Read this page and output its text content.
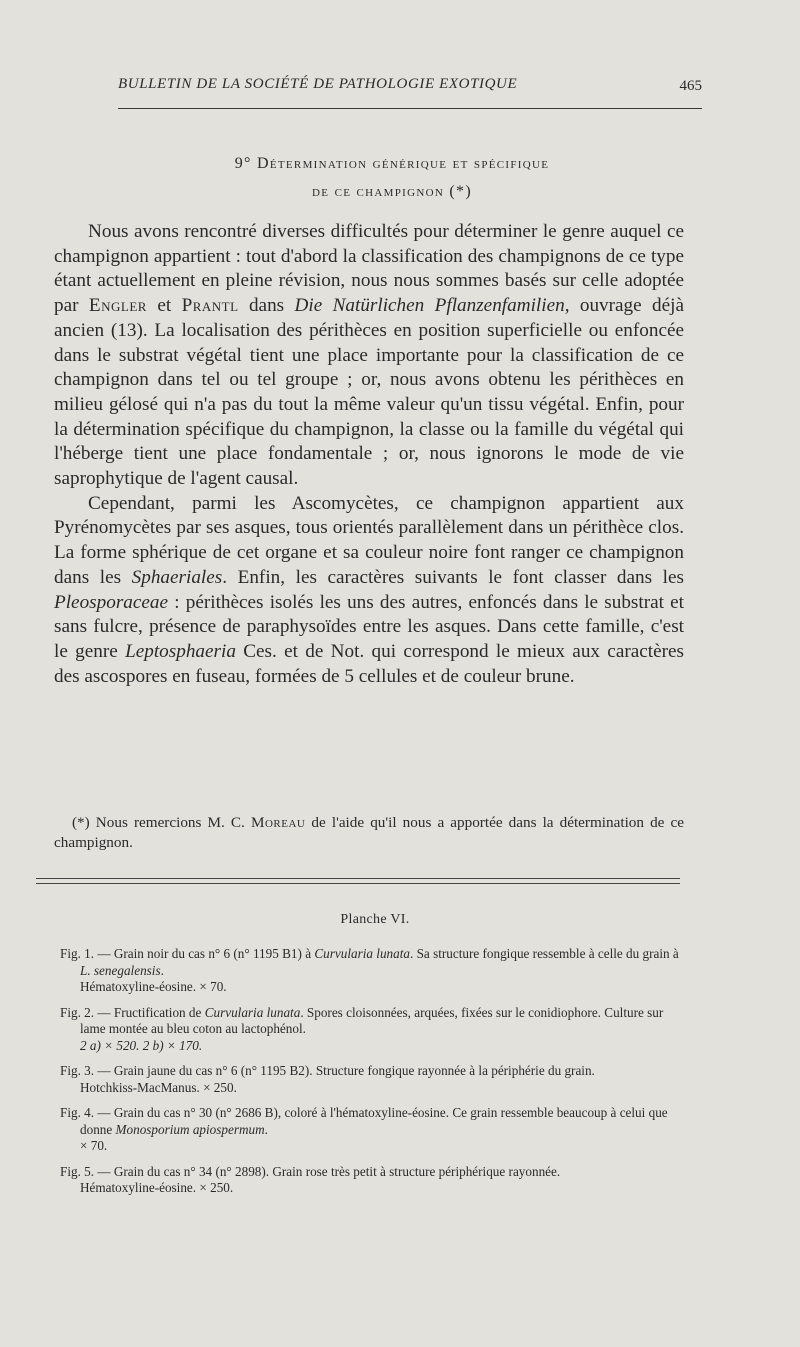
BULLETIN DE LA SOCIÉTÉ DE PATHOLOGIE EXOTIQUE	465
9° Détermination générique et spécifique
de ce champignon (*)

Nous avons rencontré diverses difficultés pour déterminer le genre auquel ce champignon appartient : tout d'abord la classification des champignons de ce type étant actuellement en pleine révision, nous nous sommes basés sur celle adoptée par Engler et Prantl dans Die Natürlichen Pflanzenfamilien, ouvrage déjà ancien (13). La localisation des périthèces en position superficielle ou enfoncée dans le substrat végétal tient une place importante pour la classification de ce champignon dans tel ou tel groupe ; or, nous avons obtenu les périthèces en milieu gélosé qui n'a pas du tout la même valeur qu'un tissu végétal. Enfin, pour la détermination spécifique du champignon, la classe ou la famille du végétal qui l'héberge tient une place fondamentale ; or, nous ignorons le mode de vie saprophytique de l'agent causal.

Cependant, parmi les Ascomycètes, ce champignon appartient aux Pyrénomycètes par ses asques, tous orientés parallèlement dans un périthèce clos. La forme sphérique de cet organe et sa couleur noire font ranger ce champignon dans les Sphaeriales. Enfin, les caractères suivants le font classer dans les Pleosporaceae : périthèces isolés les uns des autres, enfoncés dans le substrat et sans fulcre, présence de paraphysoïdes entre les asques. Dans cette famille, c'est le genre Leptosphaeria Ces. et de Not. qui correspond le mieux aux caractères des ascospores en fuseau, formées de 5 cellules et de couleur brune.

(*) Nous remercions M. C. Moreau de l'aide qu'il nous a apportée dans la détermination de ce champignon.
Planche VI.
Fig. 1. — Grain noir du cas n° 6 (n° 1195 B1) à Curvularia lunata. Sa structure fongique ressemble à celle du grain à L. senegalensis.
Hématoxyline-éosine. × 70.
Fig. 2. — Fructification de Curvularia lunata. Spores cloisonnées, arquées, fixées sur le conidiophore. Culture sur lame montée au bleu coton au lactophénol.
2 a) × 520. 2 b) × 170.
Fig. 3. — Grain jaune du cas n° 6 (n° 1195 B2). Structure fongique rayonnée à la périphérie du grain.
Hotchkiss-MacManus. × 250.
Fig. 4. — Grain du cas n° 30 (n° 2686 B), coloré à l'hématoxyline-éosine. Ce grain ressemble beaucoup à celui que donne Monosporium apiospermum.
× 70.
Fig. 5. — Grain du cas n° 34 (n° 2898). Grain rose très petit à structure périphérique rayonnée.
Hématoxyline-éosine. × 250.
